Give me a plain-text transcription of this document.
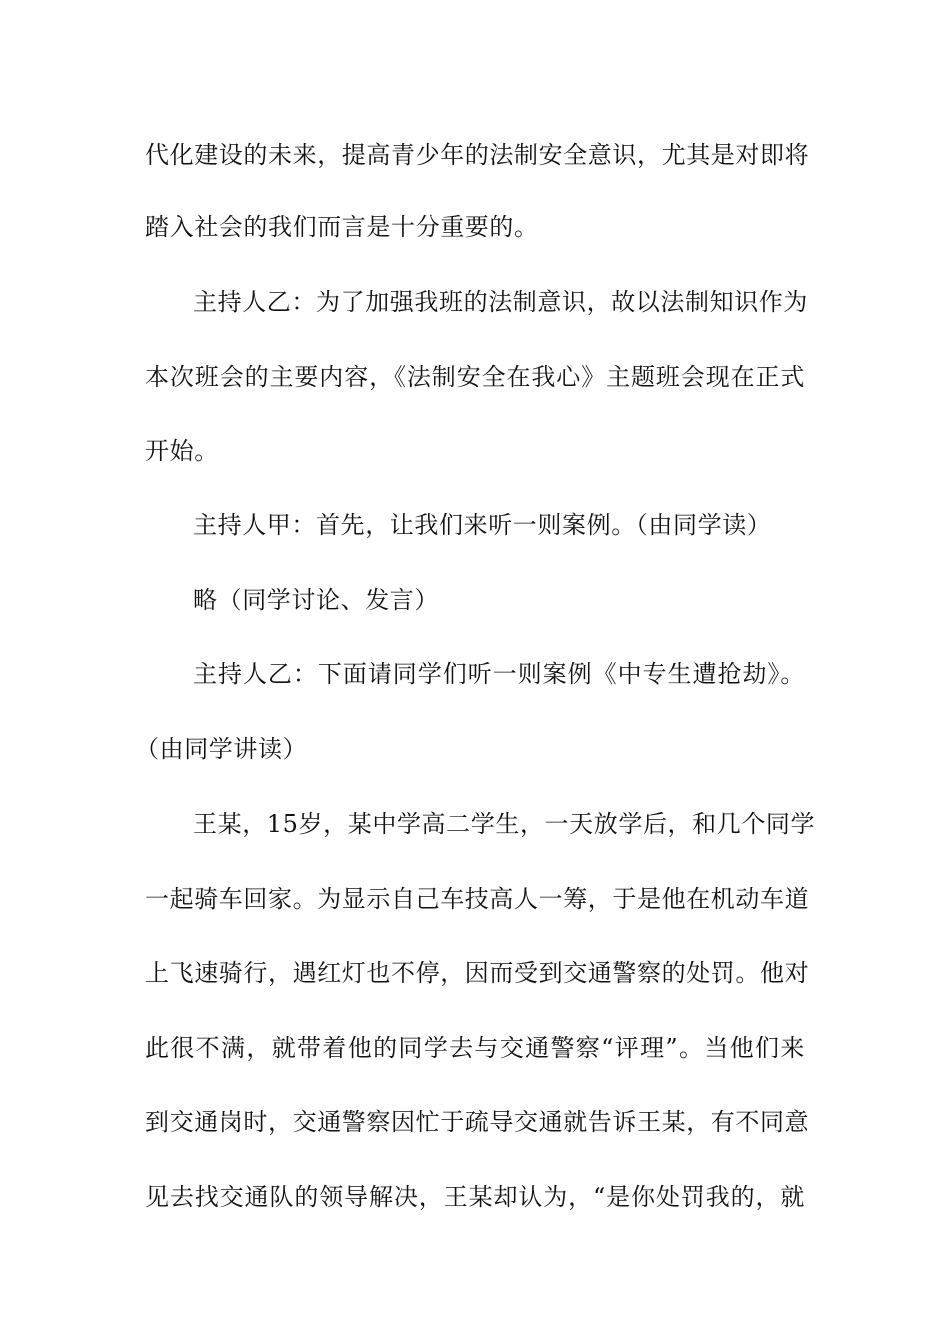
代化建设的未来，提高青少年的法制安全意识，尤其是对即将
踏入社会的我们而言是十分重要的。
主持人乙：为了加强我班的法制意识，故以法制知识作为
本次班会的主要内容，《法制安全在我心》主题班会现在正式
开始。
主持人甲：首先，让我们来听一则案例。（由同学读）
略（同学讨论、发言）
主持人乙：下面请同学们听一则案例《中专生遭抢劫》。
（由同学讲读）
王某，15岁，某中学高二学生，一天放学后，和几个同学
一起骑车回家。为显示自己车技高人一筹，于是他在机动车道
上飞速骑行，遇红灯也不停，因而受到交通警察的处罚。他对
此很不满，就带着他的同学去与交通警察“评理”。当他们来
到交通岗时，交通警察因忙于疏导交通就告诉王某，有不同意
见去找交通队的领导解决，王某却认为，“是你处罚我的，就
